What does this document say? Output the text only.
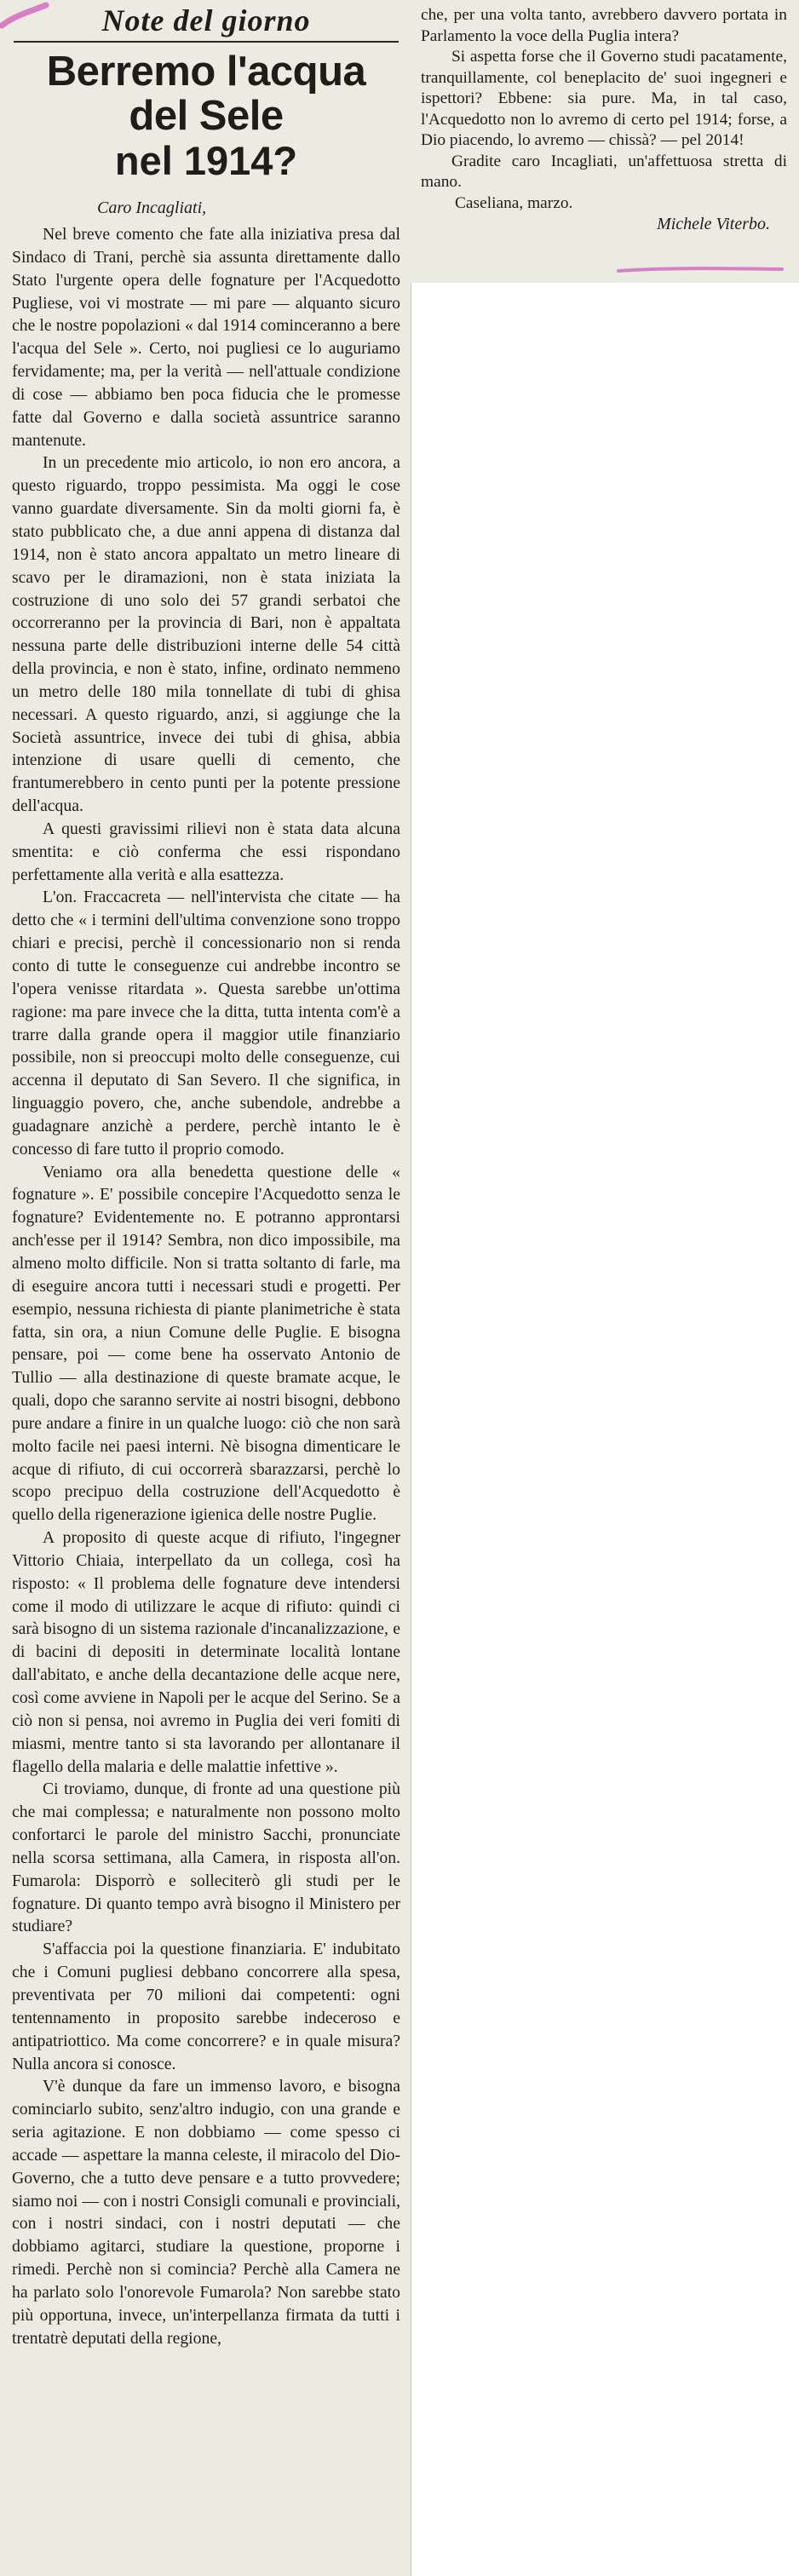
Note del giorno
Berremo l'acqua del Sele
nel 1914?
Caro Incagliati,

Nel breve comento che fate alla iniziativa presa dal Sindaco di Trani, perchè sia assunta direttamente dallo Stato l'urgente opera delle fognature per l'Acquedotto Pugliese, voi vi mostrate — mi pare — alquanto sicuro che le nostre popolazioni « dal 1914 cominceranno a bere l'acqua del Sele ». Certo, noi pugliesi ce lo auguriamo fervidamente; ma, per la verità — nell'attuale condizione di cose — abbiamo ben poca fiducia che le promesse fatte dal Governo e dalla società assuntrice saranno mantenute.

In un precedente mio articolo, io non ero ancora, a questo riguardo, troppo pessimista. Ma oggi le cose vanno guardate diversamente. Sin da molti giorni fa, è stato pubblicato che, a due anni appena di distanza dal 1914, non è stato ancora appaltato un metro lineare di scavo per le diramazioni, non è stata iniziata la costruzione di uno solo dei 57 grandi serbatoi che occorreranno per la provincia di Bari, non è appaltata nessuna parte delle distribuzioni interne delle 54 città della provincia, e non è stato, infine, ordinato nemmeno un metro delle 180 mila tonnellate di tubi di ghisa necessari. A questo riguardo, anzi, si aggiunge che la Società assuntrice, invece dei tubi di ghisa, abbia intenzione di usare quelli di cemento, che frantumerebbero in cento punti per la potente pressione dell'acqua.

A questi gravissimi rilievi non è stata data alcuna smentita: e ciò conferma che essi rispondano perfettamente alla verità e alla esattezza.

L'on. Fraccacreta — nell'intervista che citate — ha detto che « i termini dell'ultima convenzione sono troppo chiari e precisi, perchè il concessionario non si renda conto di tutte le conseguenze cui andrebbe incontro se l'opera venisse ritardata ». Questa sarebbe un'ottima ragione: ma pare invece che la ditta, tutta intenta com'è a trarre dalla grande opera il maggior utile finanziario possibile, non si preoccupi molto delle conseguenze, cui accenna il deputato di San Severo. Il che significa, in linguaggio povero, che, anche subendole, andrebbe a guadagnare anzichè a perdere, perchè intanto le è concesso di fare tutto il proprio comodo.

Veniamo ora alla benedetta questione delle « fognature ». E' possibile concepire l'Acquedotto senza le fognature? Evidentemente no. E potranno approntarsi anch'esse per il 1914? Sembra, non dico impossibile, ma almeno molto difficile. Non si tratta soltanto di farle, ma di eseguire ancora tutti i necessari studi e progetti. Per esempio, nessuna richiesta di piante planimetriche è stata fatta, sin ora, a niun Comune delle Puglie. E bisogna pensare, poi — come bene ha osservato Antonio de Tullio — alla destinazione di queste bramate acque, le quali, dopo che saranno servite ai nostri bisogni, debbono pure andare a finire in un qualche luogo: ciò che non sarà molto facile nei paesi interni. Nè bisogna dimenticare le acque di rifiuto, di cui occorrerà sbarazzarsi, perchè lo scopo precipuo della costruzione dell'Acquedotto è quello della rigenerazione igienica delle nostre Puglie.

A proposito di queste acque di rifiuto, l'ingegner Vittorio Chiaia, interpellato da un collega, così ha risposto: « Il problema delle fognature deve intendersi come il modo di utilizzare le acque di rifiuto: quindi ci sarà bisogno di un sistema razionale d'incanalizzazione, e di bacini di depositi in determinate località lontane dall'abitato, e anche della decantazione delle acque nere, così come avviene in Napoli per le acque del Serino. Se a ciò non si pensa, noi avremo in Puglia dei veri fomiti di miasmi, mentre tanto si sta lavorando per allontanare il flagello della malaria e delle malattie infettive ».

Ci troviamo, dunque, di fronte ad una questione più che mai complessa; e naturalmente non possono molto confortarci le parole del ministro Sacchi, pronunciate nella scorsa settimana, alla Camera, in risposta all'on. Fumarola: Disporrò e solleciterò gli studi per le fognature. Di quanto tempo avrà bisogno il Ministero per studiare?

S'affaccia poi la questione finanziaria. E' indubitato che i Comuni pugliesi debbano concorrere alla spesa, preventivata per 70 milioni dai competenti: ogni tentennamento in proposito sarebbe indeceroso e antipatriottico. Ma come concorrere? e in quale misura? Nulla ancora si conosce.

V'è dunque da fare un immenso lavoro, e bisogna cominciarlo subito, senz'altro indugio, con una grande e seria agitazione. E non dobbiamo — come spesso ci accade — aspettare la manna celeste, il miracolo del Dio-Governo, che a tutto deve pensare e a tutto provvedere; siamo noi — con i nostri Consigli comunali e provinciali, con i nostri sindaci, con i nostri deputati — che dobbiamo agitarci, studiare la questione, proporne i rimedi. Perchè non si comincia? Perchè alla Camera ne ha parlato solo l'onorevole Fumarola? Non sarebbe stato più opportuna, invece, un'interpellanza firmata da tutti i trentatrè deputati della regione,

che, per una volta tanto, avrebbero davvero portata in Parlamento la voce della Puglia intera?

Si aspetta forse che il Governo studi pacatamente, tranquillamente, col beneplacito de' suoi ingegneri e ispettori? Ebbene: sia pure. Ma, in tal caso, l'Acquedotto non lo avremo di certo pel 1914; forse, a Dio piacendo, lo avremo — chissà? — pel 2014!

Gradite caro Incagliati, un'affettuosa stretta di mano.

Caseliana, marzo.
Michele Viterbo.
